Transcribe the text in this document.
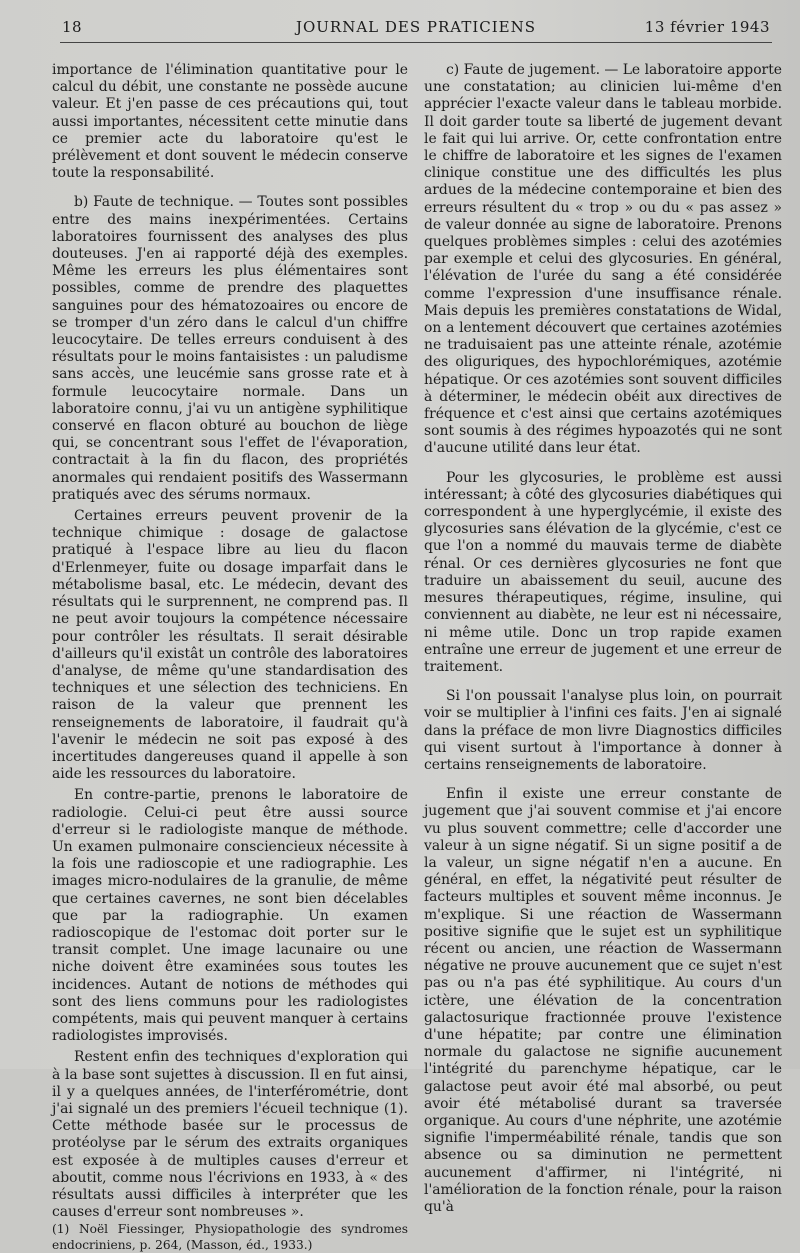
18	JOURNAL DES PRATICIENS	13 février 1943

importance de l'élimination quantitative pour le calcul du débit, une constante ne possède aucune valeur. Et j'en passe de ces précautions qui, tout aussi importantes, nécessitent cette minutie dans ce premier acte du laboratoire qu'est le prélèvement et dont souvent le médecin conserve toute la responsabilité.

b) Faute de technique. — Toutes sont possibles entre des mains inexpérimentées. Certains laboratoires fournissent des analyses des plus douteuses. J'en ai rapporté déjà des exemples. Même les erreurs les plus élémentaires sont possibles, comme de prendre des plaquettes sanguines pour des hématozoaires ou encore de se tromper d'un zéro dans le calcul d'un chiffre leucocytaire. De telles erreurs conduisent à des résultats pour le moins fantaisistes : un paludisme sans accès, une leucémie sans grosse rate et à formule leucocytaire normale. Dans un laboratoire connu, j'ai vu un antigène syphilitique conservé en flacon obturé au bouchon de liège qui, se concentrant sous l'effet de l'évaporation, contractait à la fin du flacon, des propriétés anormales qui rendaient positifs des Wassermann pratiqués avec des sérums normaux.

Certaines erreurs peuvent provenir de la technique chimique : dosage de galactose pratiqué à l'espace libre au lieu du flacon d'Erlenmeyer, fuite ou dosage imparfait dans le métabolisme basal, etc. Le médecin, devant des résultats qui le surprennent, ne comprend pas. Il ne peut avoir toujours la compétence nécessaire pour contrôler les résultats. Il serait désirable d'ailleurs qu'il existât un contrôle des laboratoires d'analyse, de même qu'une standardisation des techniques et une sélection des techniciens. En raison de la valeur que prennent les renseignements de laboratoire, il faudrait qu'à l'avenir le médecin ne soit pas exposé à des incertitudes dangereuses quand il appelle à son aide les ressources du laboratoire.

En contre-partie, prenons le laboratoire de radiologie. Celui-ci peut être aussi source d'erreur si le radiologiste manque de méthode. Un examen pulmonaire consciencieux nécessite à la fois une radioscopie et une radiographie. Les images micro-nodulaires de la granulie, de même que certaines cavernes, ne sont bien décelables que par la radiographie. Un examen radioscopique de l'estomac doit porter sur le transit complet. Une image lacunaire ou une niche doivent être examinées sous toutes les incidences. Autant de notions de méthodes qui sont des liens communs pour les radiologistes compétents, mais qui peuvent manquer à certains radiologistes improvisés.

Restent enfin des techniques d'exploration qui à la base sont sujettes à discussion. Il en fut ainsi, il y a quelques années, de l'interférométrie, dont j'ai signalé un des premiers l'écueil technique (1). Cette méthode basée sur le processus de protéolyse par le sérum des extraits organiques est exposée à de multiples causes d'erreur et aboutit, comme nous l'écrivions en 1933, à « des résultats aussi difficiles à interpréter que les causes d'erreur sont nombreuses ».

(1) Noël Fiessinger, Physiopathologie des syndromes endocriniens, p. 264, (Masson, éd., 1933.)

c) Faute de jugement. — Le laboratoire apporte une constatation; au clinicien lui-même d'en apprécier l'exacte valeur dans le tableau morbide. Il doit garder toute sa liberté de jugement devant le fait qui lui arrive. Or, cette confrontation entre le chiffre de laboratoire et les signes de l'examen clinique constitue une des difficultés les plus ardues de la médecine contemporaine et bien des erreurs résultent du « trop » ou du « pas assez » de valeur donnée au signe de laboratoire. Prenons quelques problèmes simples : celui des azotémies par exemple et celui des glycosuries. En général, l'élévation de l'urée du sang a été considérée comme l'expression d'une insuffisance rénale. Mais depuis les premières constatations de Widal, on a lentement découvert que certaines azotémies ne traduisaient pas une atteinte rénale, azotémie des oliguriques, des hypochlorémiques, azotémie hépatique. Or ces azotémies sont souvent difficiles à déterminer, le médecin obéit aux directives de fréquence et c'est ainsi que certains azotémiques sont soumis à des régimes hypoazotés qui ne sont d'aucune utilité dans leur état.

Pour les glycosuries, le problème est aussi intéressant; à côté des glycosuries diabétiques qui correspondent à une hyperglycémie, il existe des glycosuries sans élévation de la glycémie, c'est ce que l'on a nommé du mauvais terme de diabète rénal. Or ces dernières glycosuries ne font que traduire un abaissement du seuil, aucune des mesures thérapeutiques, régime, insuline, qui conviennent au diabète, ne leur est ni nécessaire, ni même utile. Donc un trop rapide examen entraîne une erreur de jugement et une erreur de traitement.

Si l'on poussait l'analyse plus loin, on pourrait voir se multiplier à l'infini ces faits. J'en ai signalé dans la préface de mon livre Diagnostics difficiles qui visent surtout à l'importance à donner à certains renseignements de laboratoire.

Enfin il existe une erreur constante de jugement que j'ai souvent commise et j'ai encore vu plus souvent commettre; celle d'accorder une valeur à un signe négatif. Si un signe positif a de la valeur, un signe négatif n'en a aucune. En général, en effet, la négativité peut résulter de facteurs multiples et souvent même inconnus. Je m'explique. Si une réaction de Wassermann positive signifie que le sujet est un syphilitique récent ou ancien, une réaction de Wassermann négative ne prouve aucunement que ce sujet n'est pas ou n'a pas été syphilitique. Au cours d'un ictère, une élévation de la concentration galactosurique fractionnée prouve l'existence d'une hépatite; par contre une élimination normale du galactose ne signifie aucunement l'intégrité du parenchyme hépatique, car le galactose peut avoir été mal absorbé, ou peut avoir été métabolisé durant sa traversée organique. Au cours d'une néphrite, une azotémie signifie l'imperméabilité rénale, tandis que son absence ou sa diminution ne permettent aucunement d'affirmer, ni l'intégrité, ni l'amélioration de la fonction rénale, pour la raison qu'à
